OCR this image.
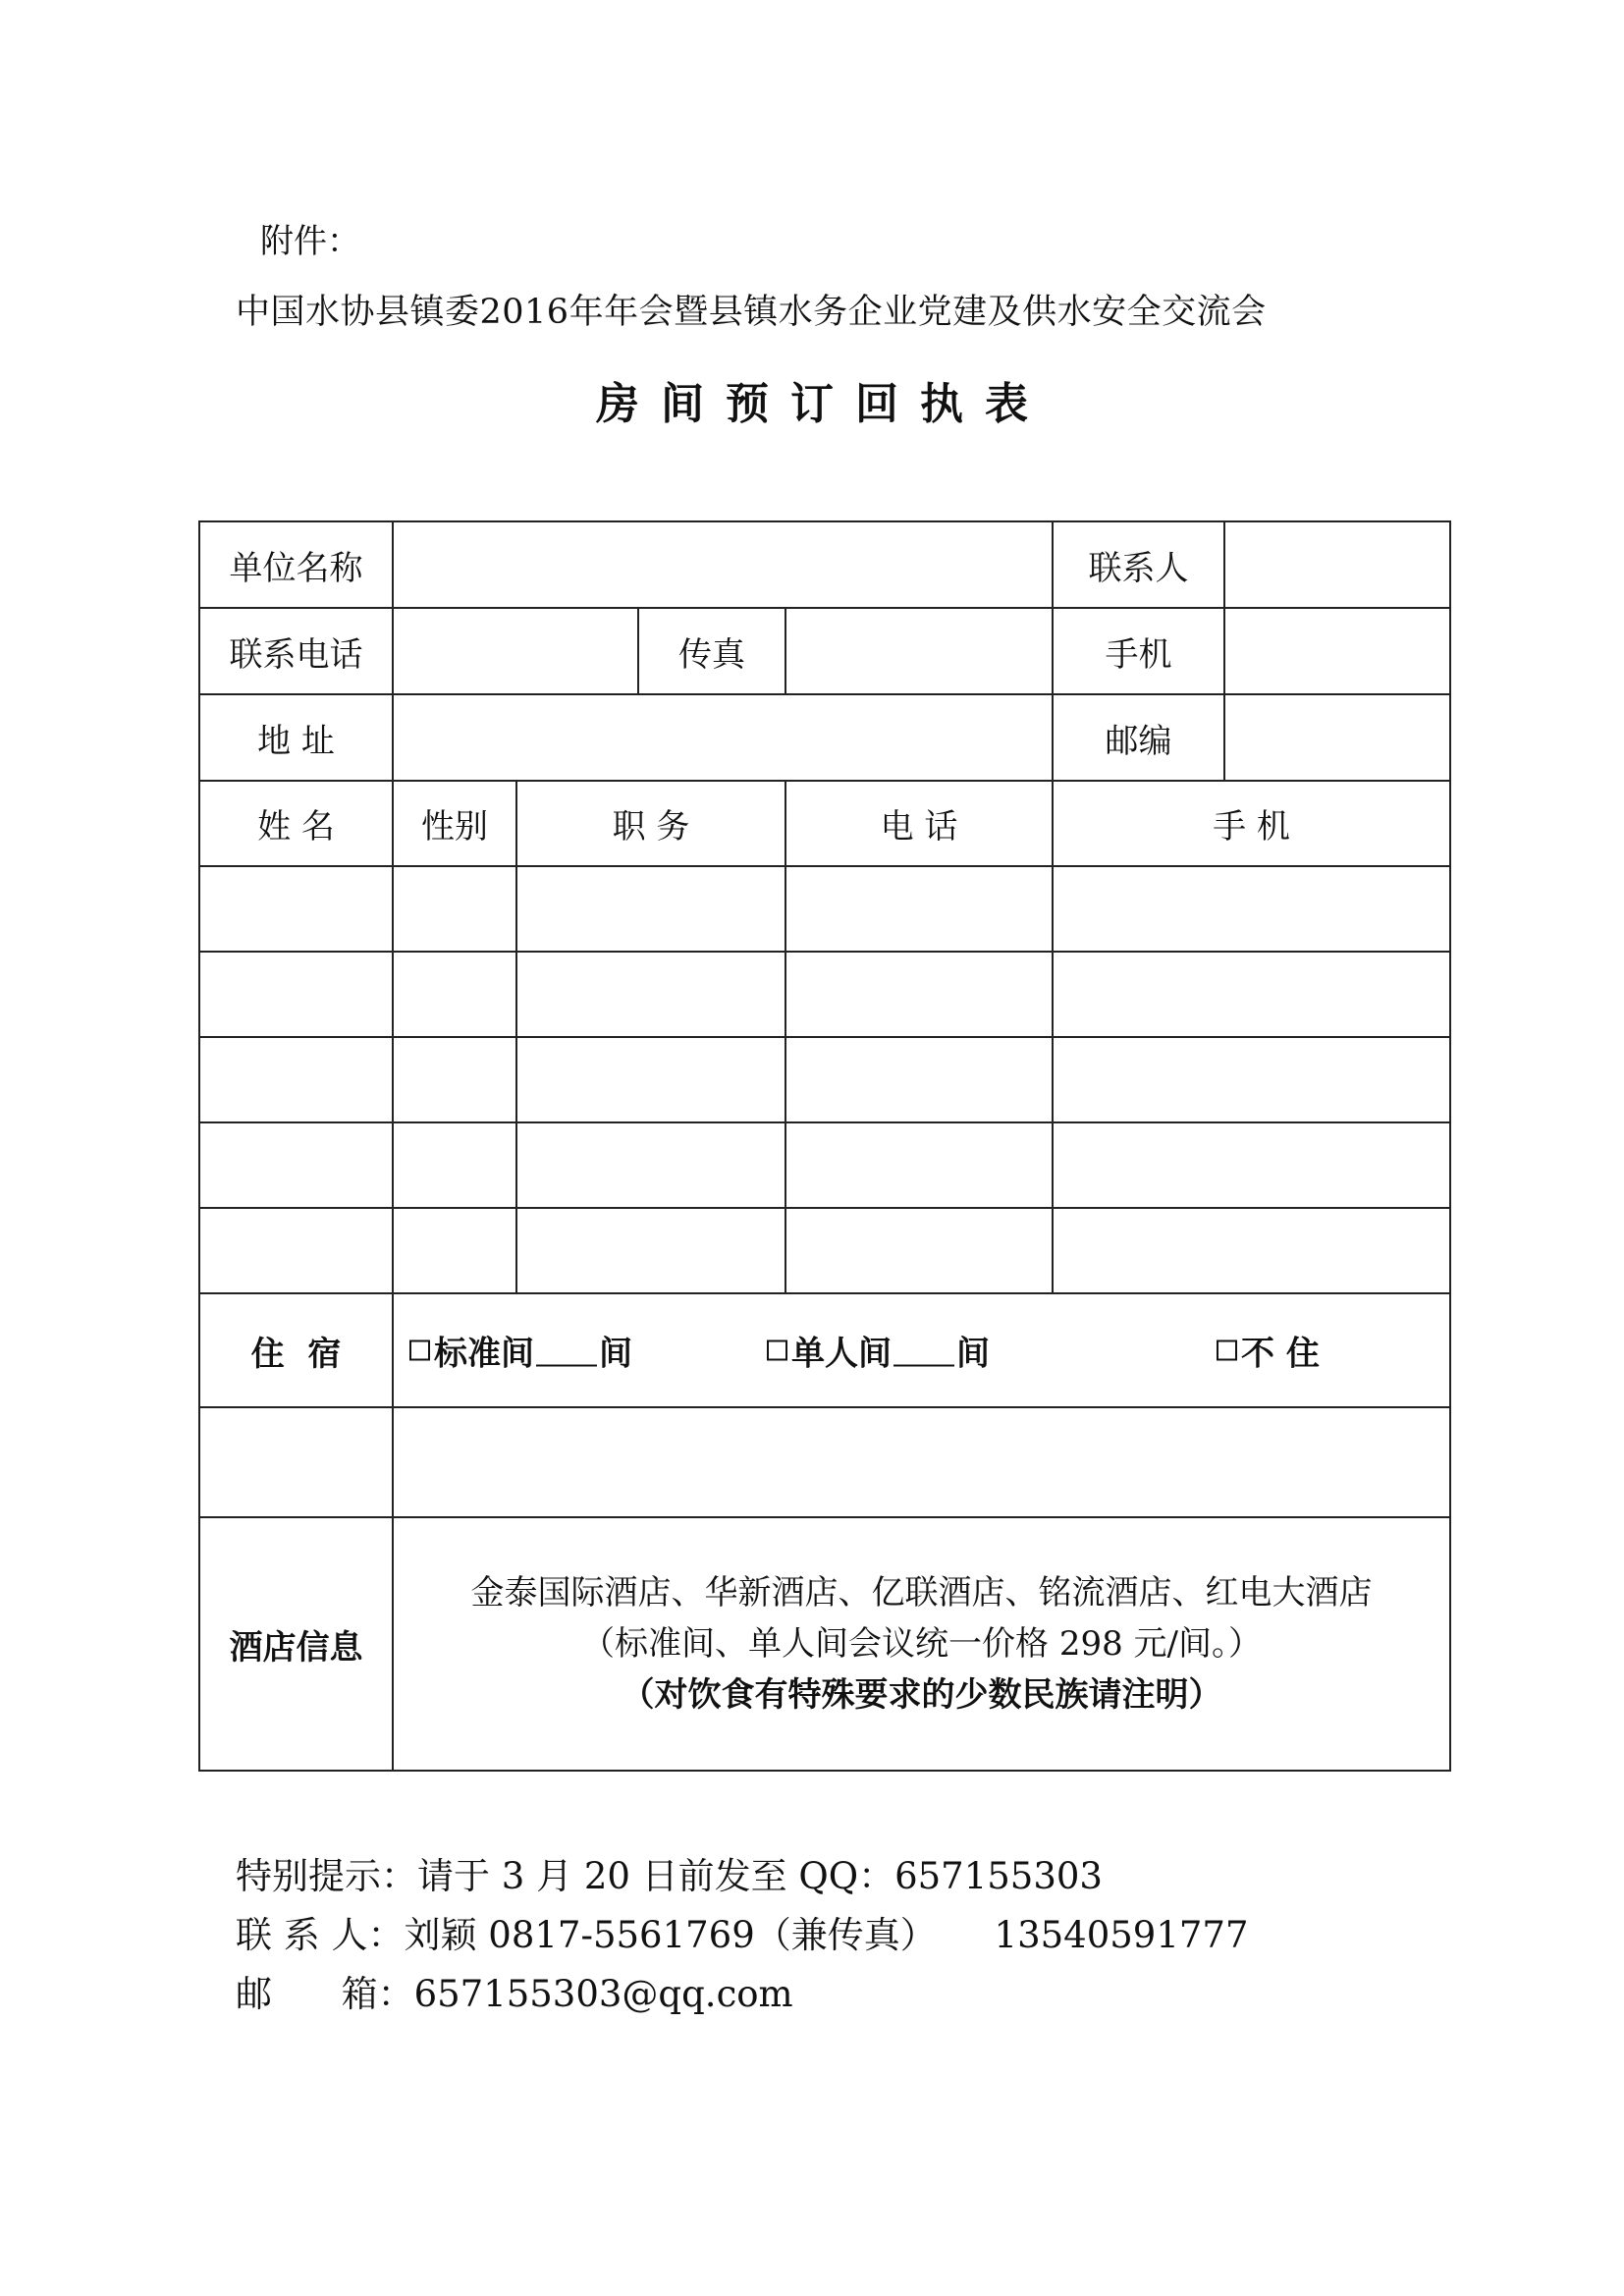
附件：
中国水协县镇委2016年年会暨县镇水务企业党建及供水安全交流会
房间预订回执表
单位名称					联系人	
联系电话			传真		手机	
地 址					邮编	
姓 名	性别	职 务		电 话	手 机	

住  宿	标准间 间 单人间 间 不 住					

酒店信息	金泰国际酒店、华新酒店、亿联酒店、铭流酒店、红电大酒店
（标准间、单人间会议统一价格 298 元/间。）
（对饮食有特殊要求的少数民族请注明）					
特别提示：请于 3 月 20 日前发至 QQ：657155303
联 系 人：刘颖 0817-5561769（兼传真）     13540591777
邮      箱：657155303@qq.com
